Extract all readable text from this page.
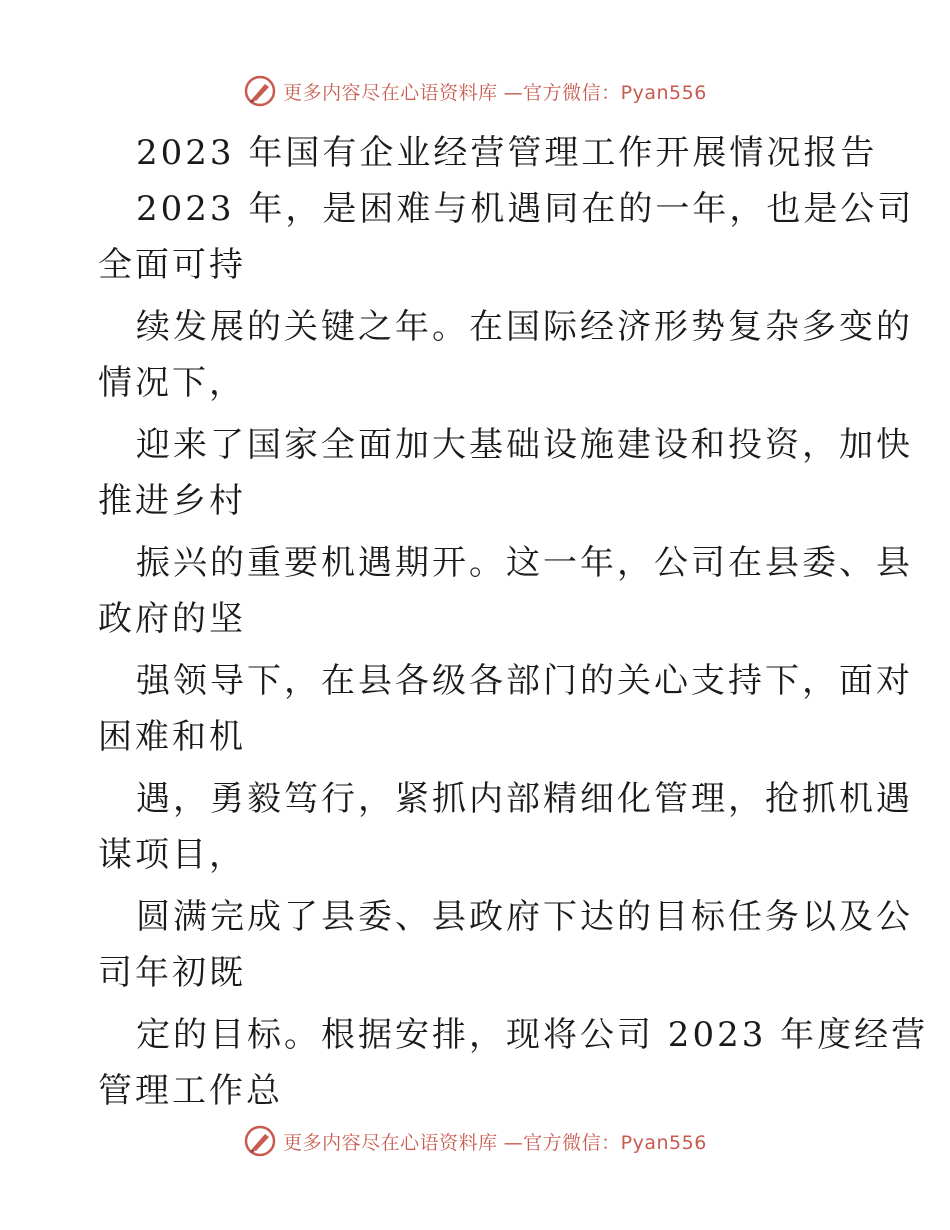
更多内容尽在心语资料库 —官方微信：Pyan556
2023 年国有企业经营管理工作开展情况报告
2023 年，是困难与机遇同在的一年，也是公司
全面可持
续发展的关键之年。在国际经济形势复杂多变的
情况下，
迎来了国家全面加大基础设施建设和投资，加快
推进乡村
振兴的重要机遇期开。这一年，公司在县委、县
政府的坚
强领导下，在县各级各部门的关心支持下，面对
困难和机
遇，勇毅笃行，紧抓内部精细化管理，抢抓机遇
谋项目，
圆满完成了县委、县政府下达的目标任务以及公
司年初既
定的目标。根据安排，现将公司 2023 年度经营
管理工作总
更多内容尽在心语资料库 —官方微信：Pyan556
